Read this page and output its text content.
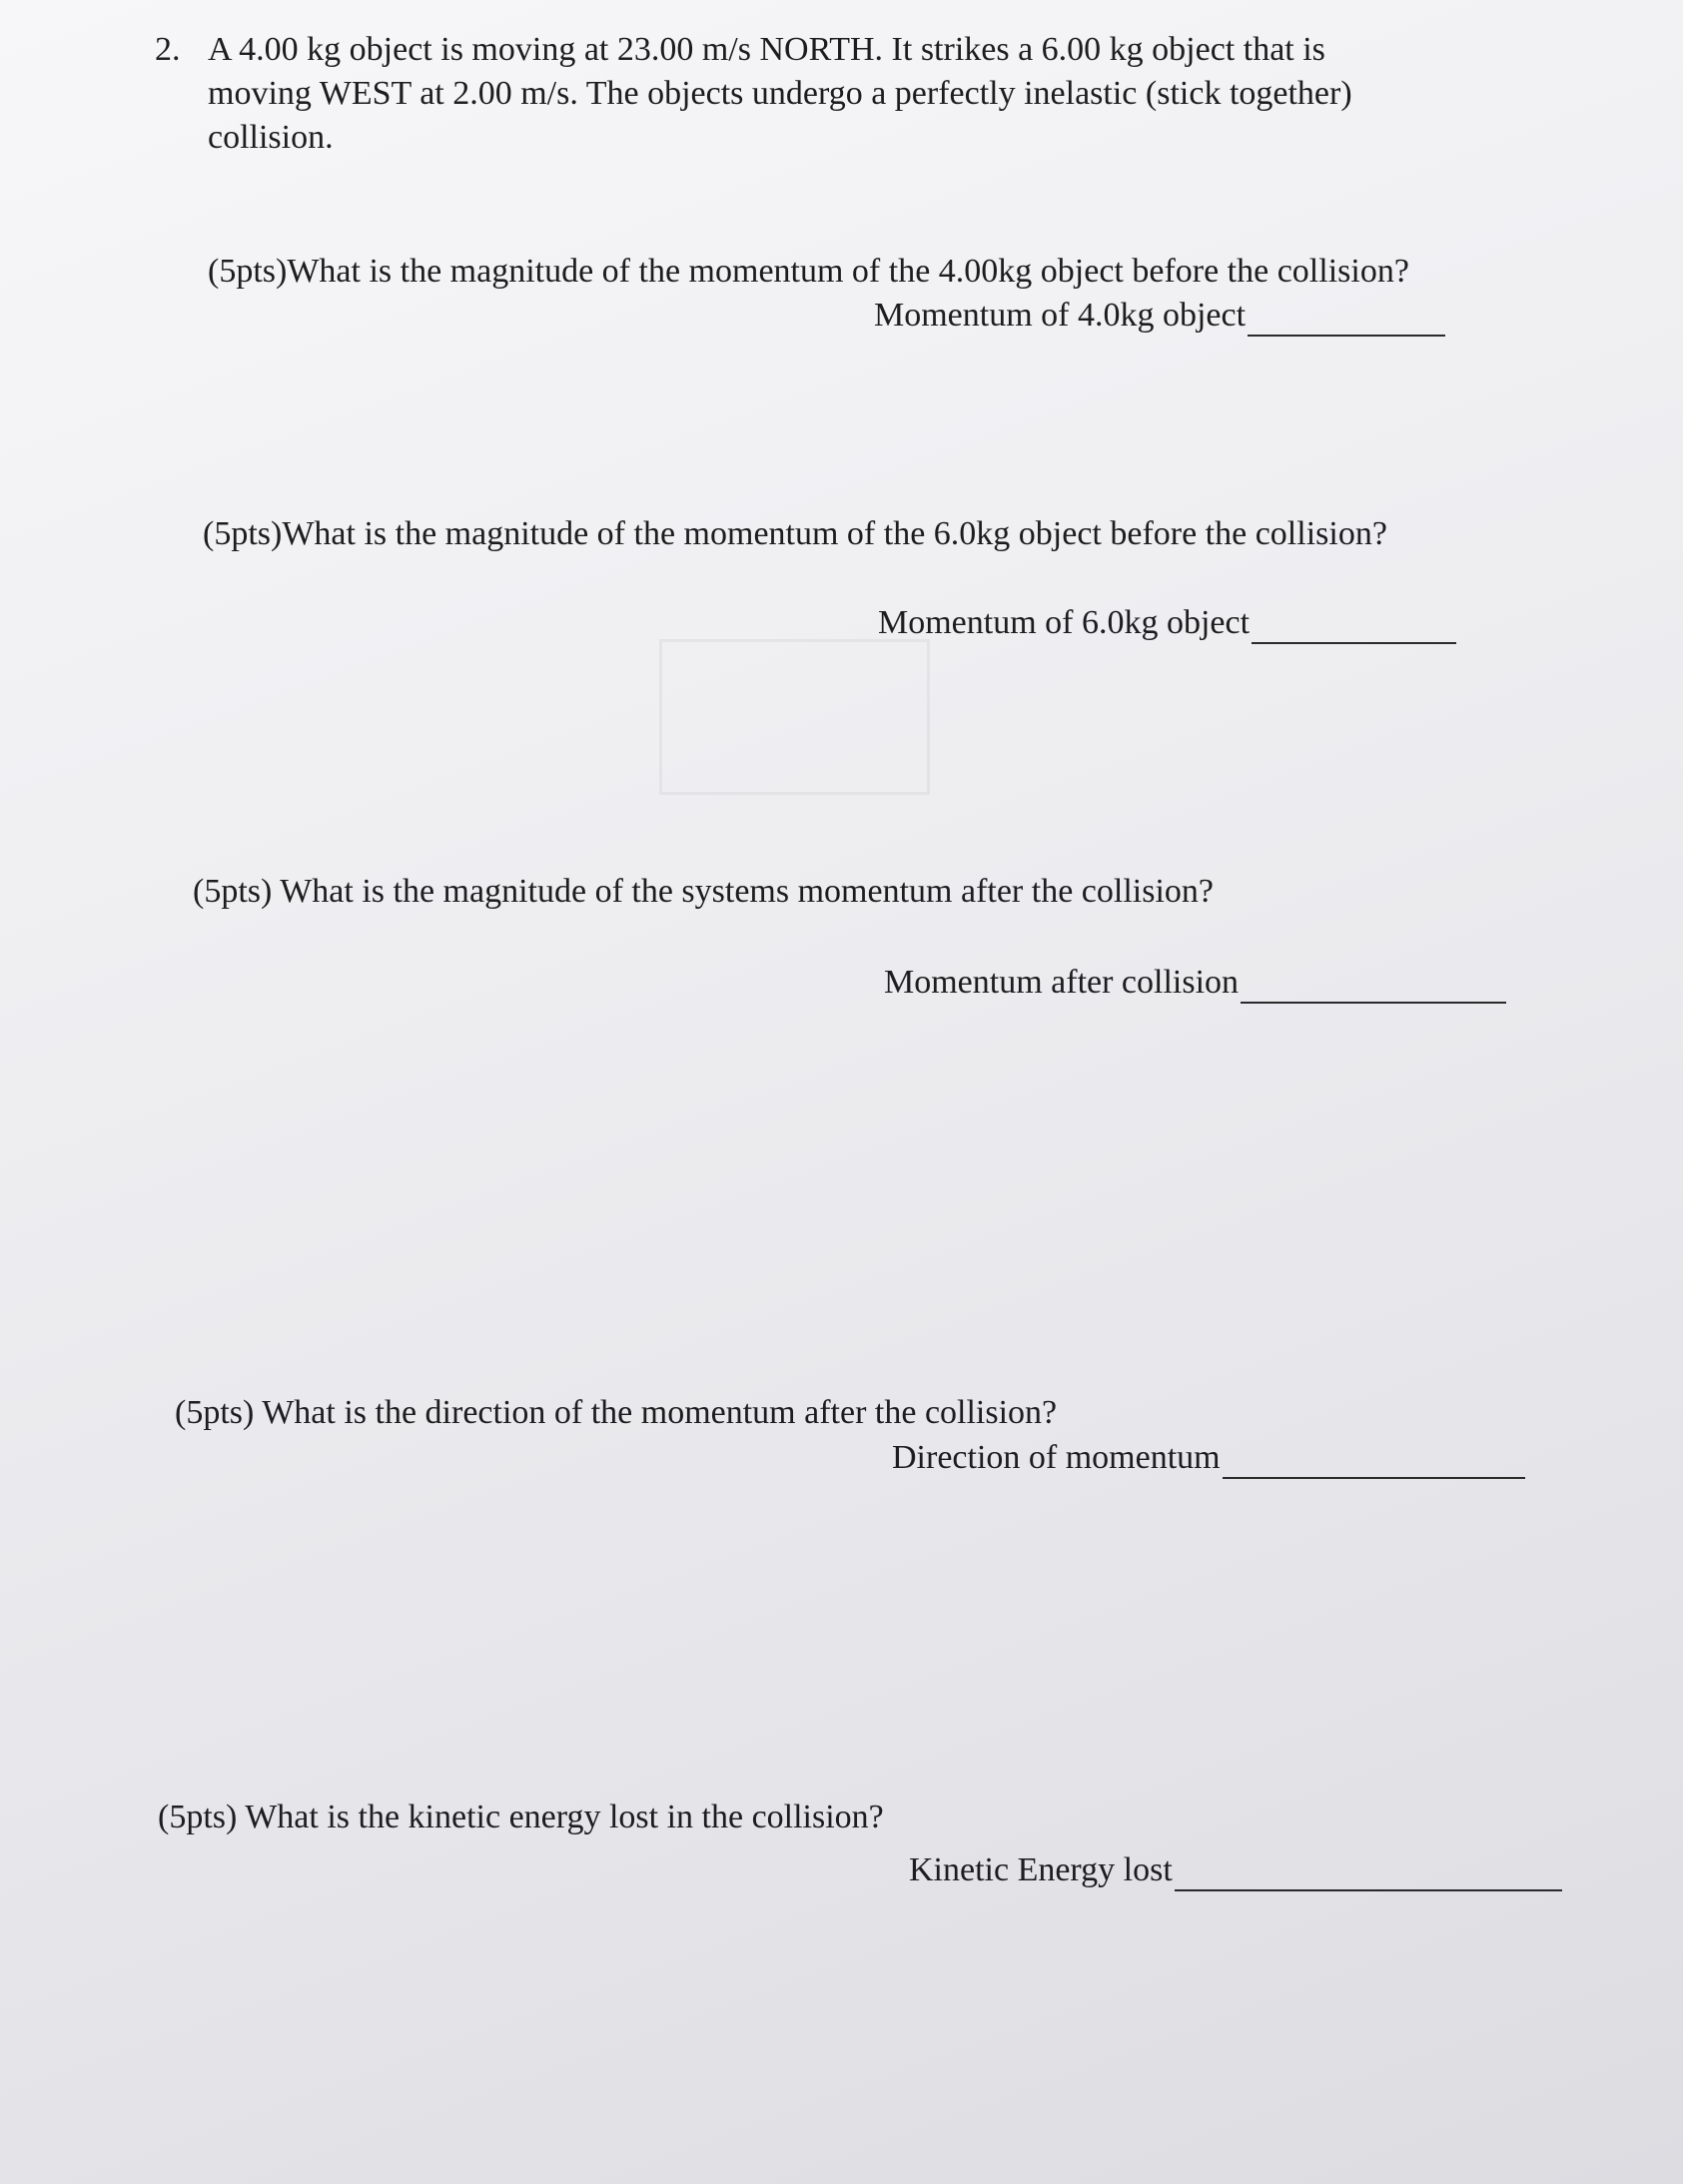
2. A 4.00 kg object is moving at 23.00 m/s NORTH. It strikes a 6.00 kg object that is
moving WEST at 2.00 m/s. The objects undergo a perfectly inelastic (stick together)
collision.
(5pts)What is the magnitude of the momentum of the 4.00kg object before the collision?
Momentum of 4.0kg object
(5pts)What is the magnitude of the momentum of the 6.0kg object before the collision?
Momentum of 6.0kg object
(5pts) What is the magnitude of the systems momentum after the collision?
Momentum after collision
(5pts) What is the direction of the momentum after the collision?
Direction of momentum
(5pts) What is the kinetic energy lost in the collision?
Kinetic Energy lost
